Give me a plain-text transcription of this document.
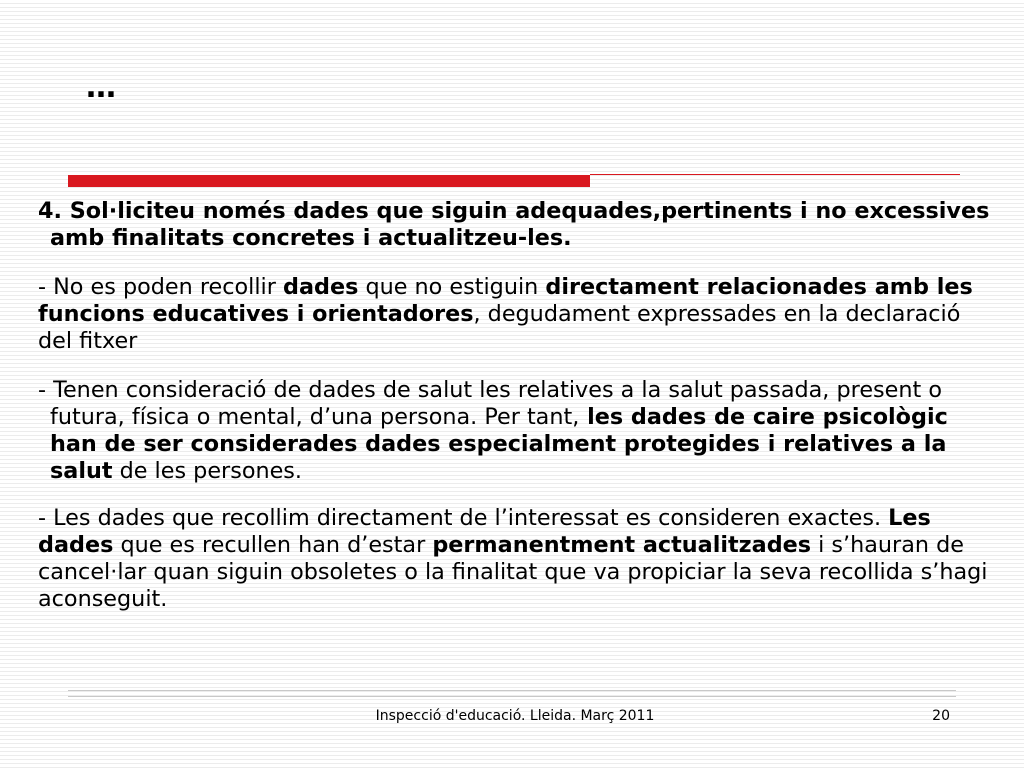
…

4. Sol·liciteu només dades que siguin adequades,pertinents i no excessives amb finalitats concretes i actualitzeu-les.

- No es poden recollir dades que no estiguin directament relacionades amb les funcions educatives i orientadores, degudament expressades en la declaració del fitxer

- Tenen consideració de dades de salut les relatives a la salut passada, present o futura, física o mental, d’una persona. Per tant, les dades de caire psicològic han de ser considerades dades especialment protegides i relatives a la salut de les persones.

- Les dades que recollim directament de l’interessat es consideren exactes. Les dades que es recullen han d’estar permanentment actualitzades i s’hauran de cancel·lar quan siguin obsoletes o la finalitat que va propiciar la seva recollida s’hagi aconseguit.

Inspecció d'educació. Lleida. Març 2011	20
